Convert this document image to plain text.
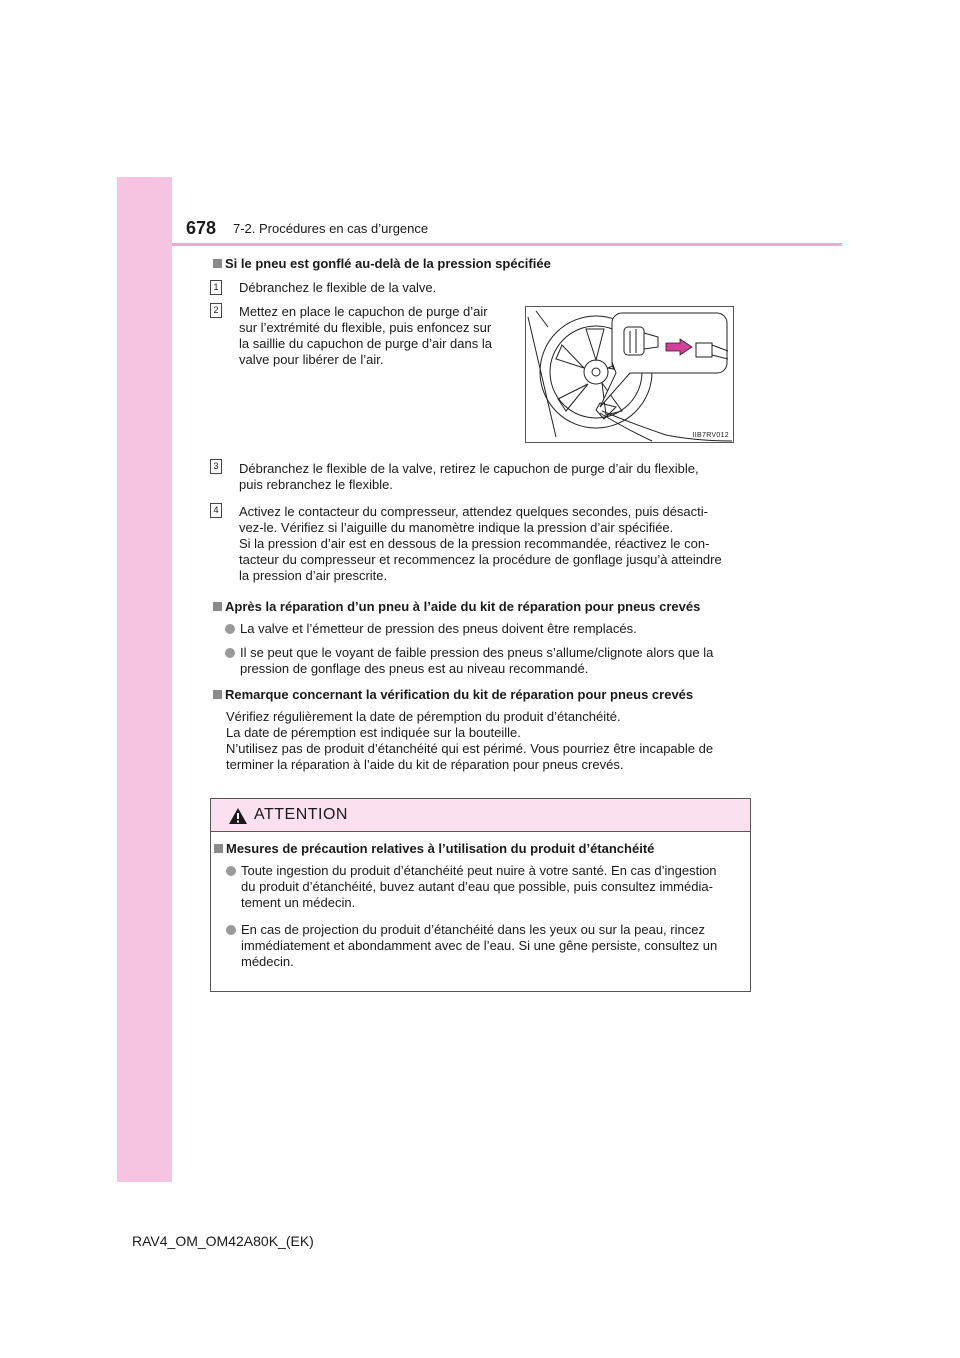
678 7-2. Procédures en cas d’urgence
Si le pneu est gonflé au-delà de la pression spécifiée
1 Débranchez le flexible de la valve.
2 Mettez en place le capuchon de purge d’air
sur l’extrémité du flexible, puis enfoncez sur
la saillie du capuchon de purge d’air dans la
valve pour libérer de l’air.
IIB7RV012
3 Débranchez le flexible de la valve, retirez le capuchon de purge d’air du flexible,
puis rebranchez le flexible.
4 Activez le contacteur du compresseur, attendez quelques secondes, puis désacti-
vez-le. Vérifiez si l’aiguille du manomètre indique la pression d’air spécifiée.
Si la pression d’air est en dessous de la pression recommandée, réactivez le con-
tacteur du compresseur et recommencez la procédure de gonflage jusqu’à atteindre
la pression d’air prescrite.
Après la réparation d’un pneu à l’aide du kit de réparation pour pneus crevés
La valve et l’émetteur de pression des pneus doivent être remplacés.
Il se peut que le voyant de faible pression des pneus s’allume/clignote alors que la
pression de gonflage des pneus est au niveau recommandé.
Remarque concernant la vérification du kit de réparation pour pneus crevés
Vérifiez régulièrement la date de péremption du produit d’étanchéité.
La date de péremption est indiquée sur la bouteille.
N’utilisez pas de produit d’étanchéité qui est périmé. Vous pourriez être incapable de
terminer la réparation à l’aide du kit de réparation pour pneus crevés.
ATTENTION
Mesures de précaution relatives à l’utilisation du produit d’étanchéité
Toute ingestion du produit d’étanchéité peut nuire à votre santé. En cas d’ingestion
du produit d’étanchéité, buvez autant d’eau que possible, puis consultez immédia-
tement un médecin.
En cas de projection du produit d’étanchéité dans les yeux ou sur la peau, rincez
immédiatement et abondamment avec de l’eau. Si une gêne persiste, consultez un
médecin.
RAV4_OM_OM42A80K_(EK)
